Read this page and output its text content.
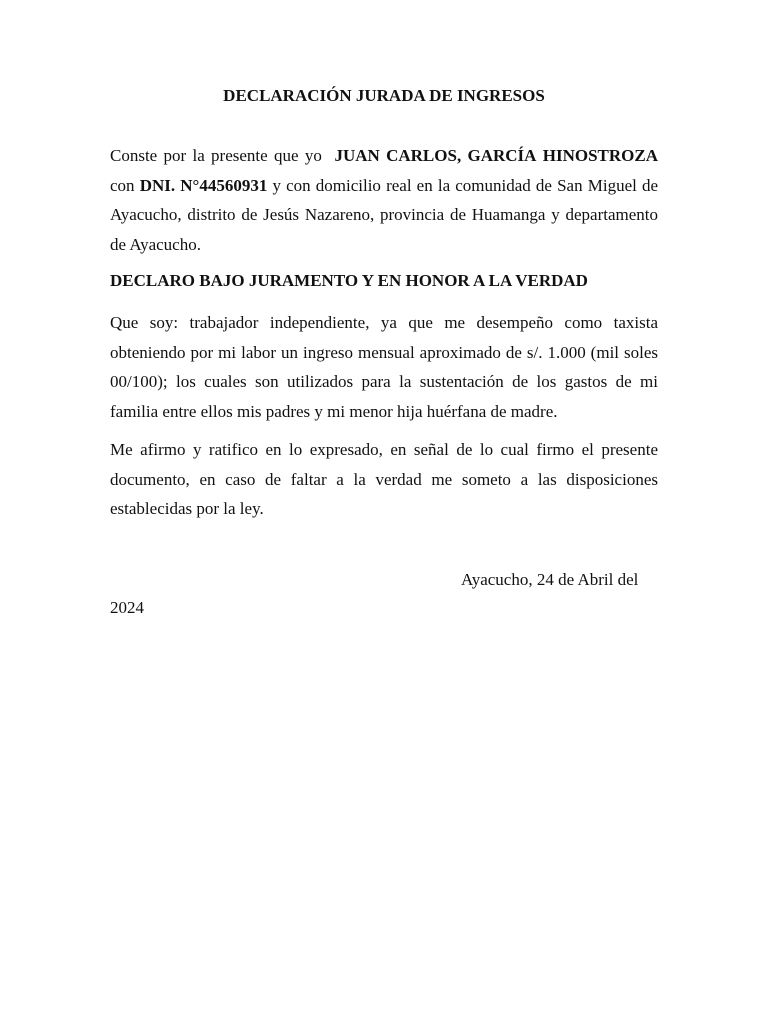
DECLARACIÓN JURADA DE INGRESOS

Conste por la presente que yo  JUAN CARLOS, GARCÍA HINOSTROZA con DNI. N°44560931 y con domicilio real en la comunidad de San Miguel de Ayacucho, distrito de Jesús Nazareno, provincia de Huamanga y departamento de Ayacucho.

DECLARO BAJO JURAMENTO Y EN HONOR A LA VERDAD

Que soy: trabajador independiente, ya que me desempeño como taxista obteniendo por mi labor un ingreso mensual aproximado de s/. 1.000 (mil soles 00/100); los cuales son utilizados para la sustentación de los gastos de mi familia entre ellos mis padres y mi menor hija huérfana de madre.

Me afirmo y ratifico en lo expresado, en señal de lo cual firmo el presente documento, en caso de faltar a la verdad me someto a las disposiciones establecidas por la ley.

Ayacucho, 24 de Abril del

2024
